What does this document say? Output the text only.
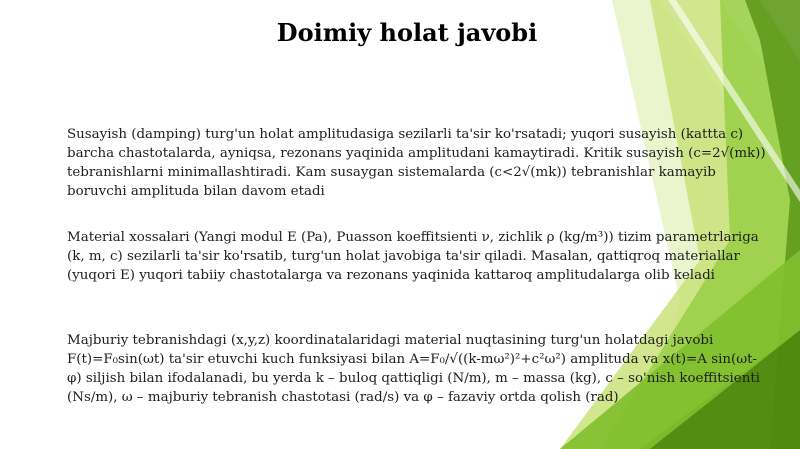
Doimiy holat javobi

Susayish (damping) turg'un holat amplitudasiga sezilarli ta'sir ko'rsatadi; yuqori susayish (kattta c) barcha chastotalarda, ayniqsa, rezonans yaqinida amplitudani kamaytiradi. Kritik susayish (c=2√(mk)) tebranishlarni minimallashtiradi. Kam susaygan sistemalarda (c<2√(mk)) tebranishlar kamayib boruvchi amplituda bilan davom etadi

Material xossalari (Yangi modul E (Pa), Puasson koeffitsienti ν, zichlik ρ (kg/m³)) tizim parametrlariga (k, m, c) sezilarli ta'sir ko'rsatib, turg'un holat javobiga ta'sir qiladi. Masalan, qattiqroq materiallar (yuqori E) yuqori tabiiy chastotalarga va rezonans yaqinida kattaroq amplitudalarga olib keladi

Majburiy tebranishdagi (x,y,z) koordinatalaridagi material nuqtasining turg'un holatdagi javobi F(t)=F₀sin(ωt) ta'sir etuvchi kuch funksiyasi bilan A=F₀/√((k-mω²)²+c²ω²) amplituda va x(t)=A sin(ωt-φ) siljish bilan ifodalanadi, bu yerda k – buloq qattiqligi (N/m), m – massa (kg), c – so'nish koeffitsienti (Ns/m), ω – majburiy tebranish chastotasi (rad/s) va φ – fazaviy ortda qolish (rad)
